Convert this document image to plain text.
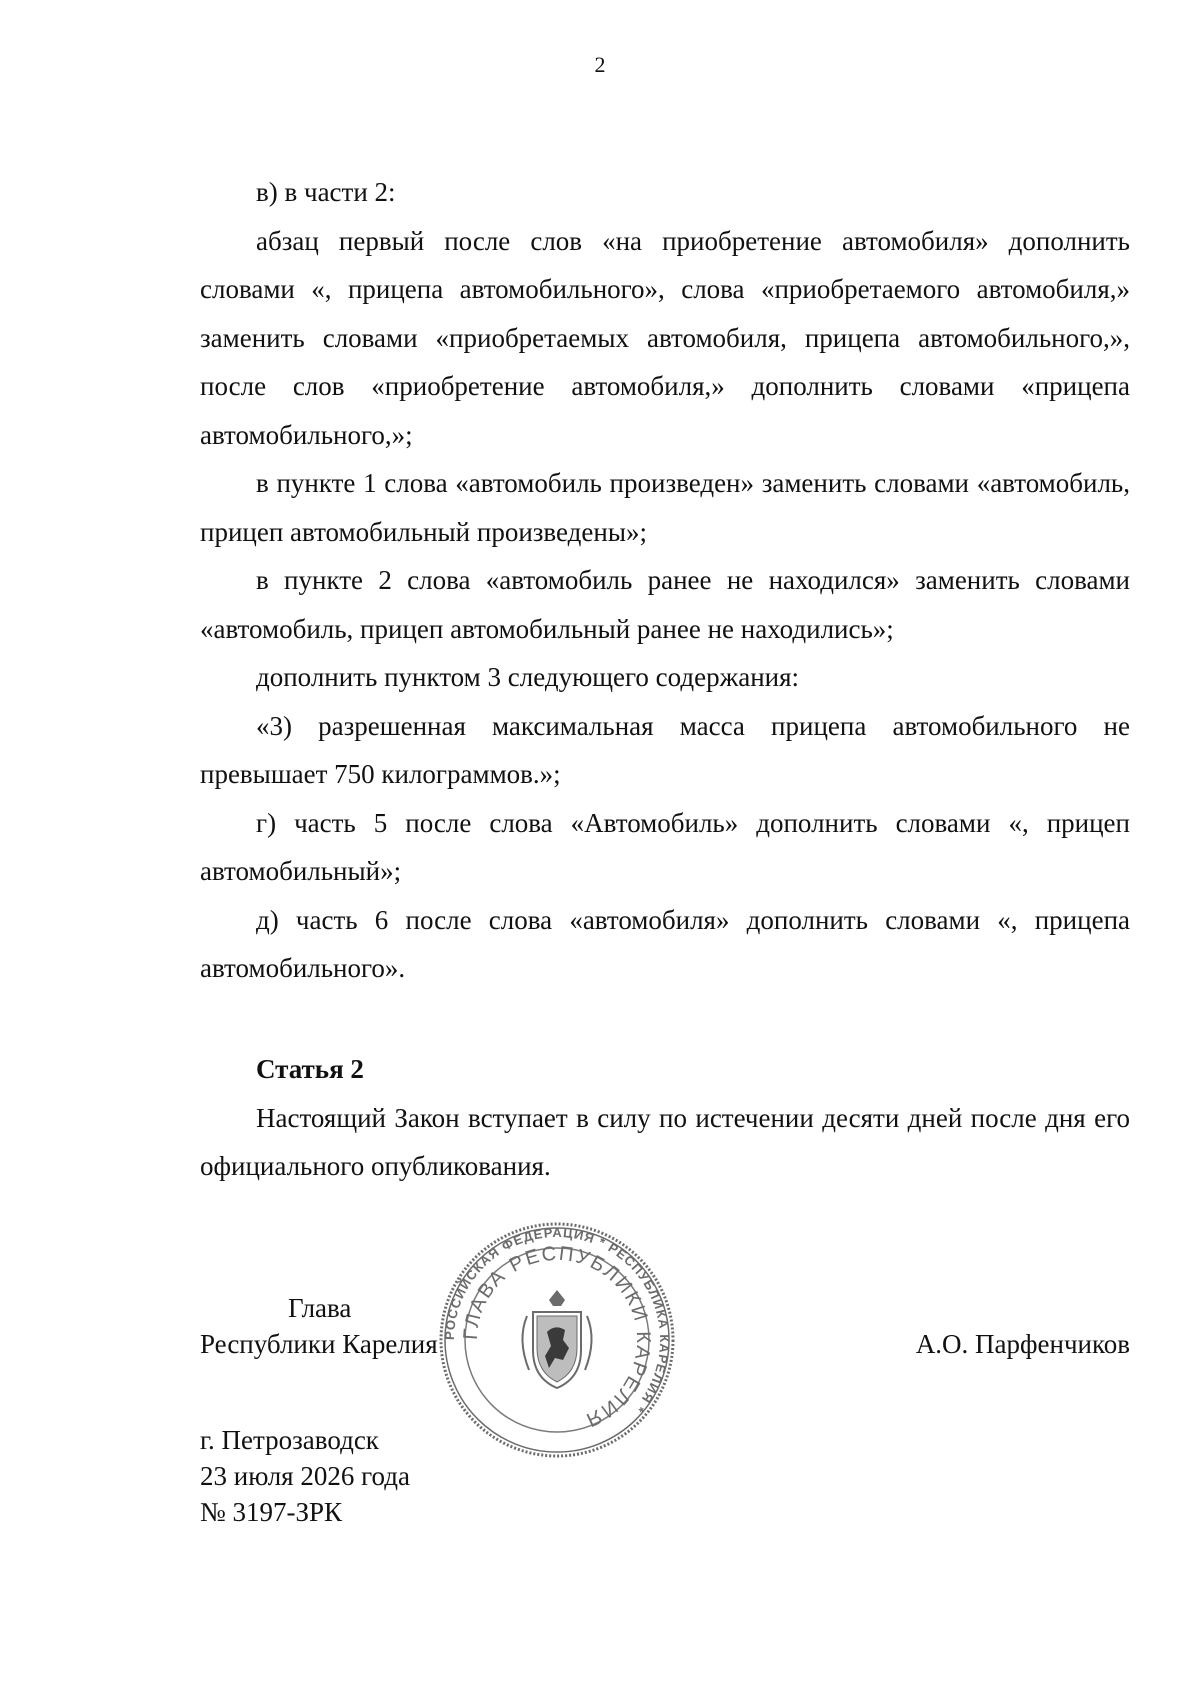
2

в) в части 2:

абзац первый после слов «на приобретение автомобиля» дополнить словами «, прицепа автомобильного», слова «приобретаемого автомобиля,» заменить словами «приобретаемых автомобиля, прицепа автомобильного,», после слов «приобретение автомобиля,» дополнить словами «прицепа автомобильного,»;

в пункте 1 слова «автомобиль произведен» заменить словами «автомобиль, прицеп автомобильный произведены»;

в пункте 2 слова «автомобиль ранее не находился» заменить словами «автомобиль, прицеп автомобильный ранее не находились»;

дополнить пунктом 3 следующего содержания:

«3) разрешенная максимальная масса прицепа автомобильного не превышает 750 килограммов.»;

г) часть 5 после слова «Автомобиль» дополнить словами «, прицеп автомобильный»;

д) часть 6 после слова «автомобиля» дополнить словами «, прицепа автомобильного».

Статья 2

Настоящий Закон вступает в силу по истечении десяти дней после дня его официального опубликования.

Глава
Республики Карелия	А.О. Парфенчиков
г. Петрозаводск
23 июля 2026 года
№ 3197-ЗРК
РОССИЙСКАЯ ФЕДЕРАЦИЯ * РЕСПУБЛИКА КАРЕЛИЯ *
ГЛАВА РЕСПУБЛИКИ КАРЕЛИЯ
